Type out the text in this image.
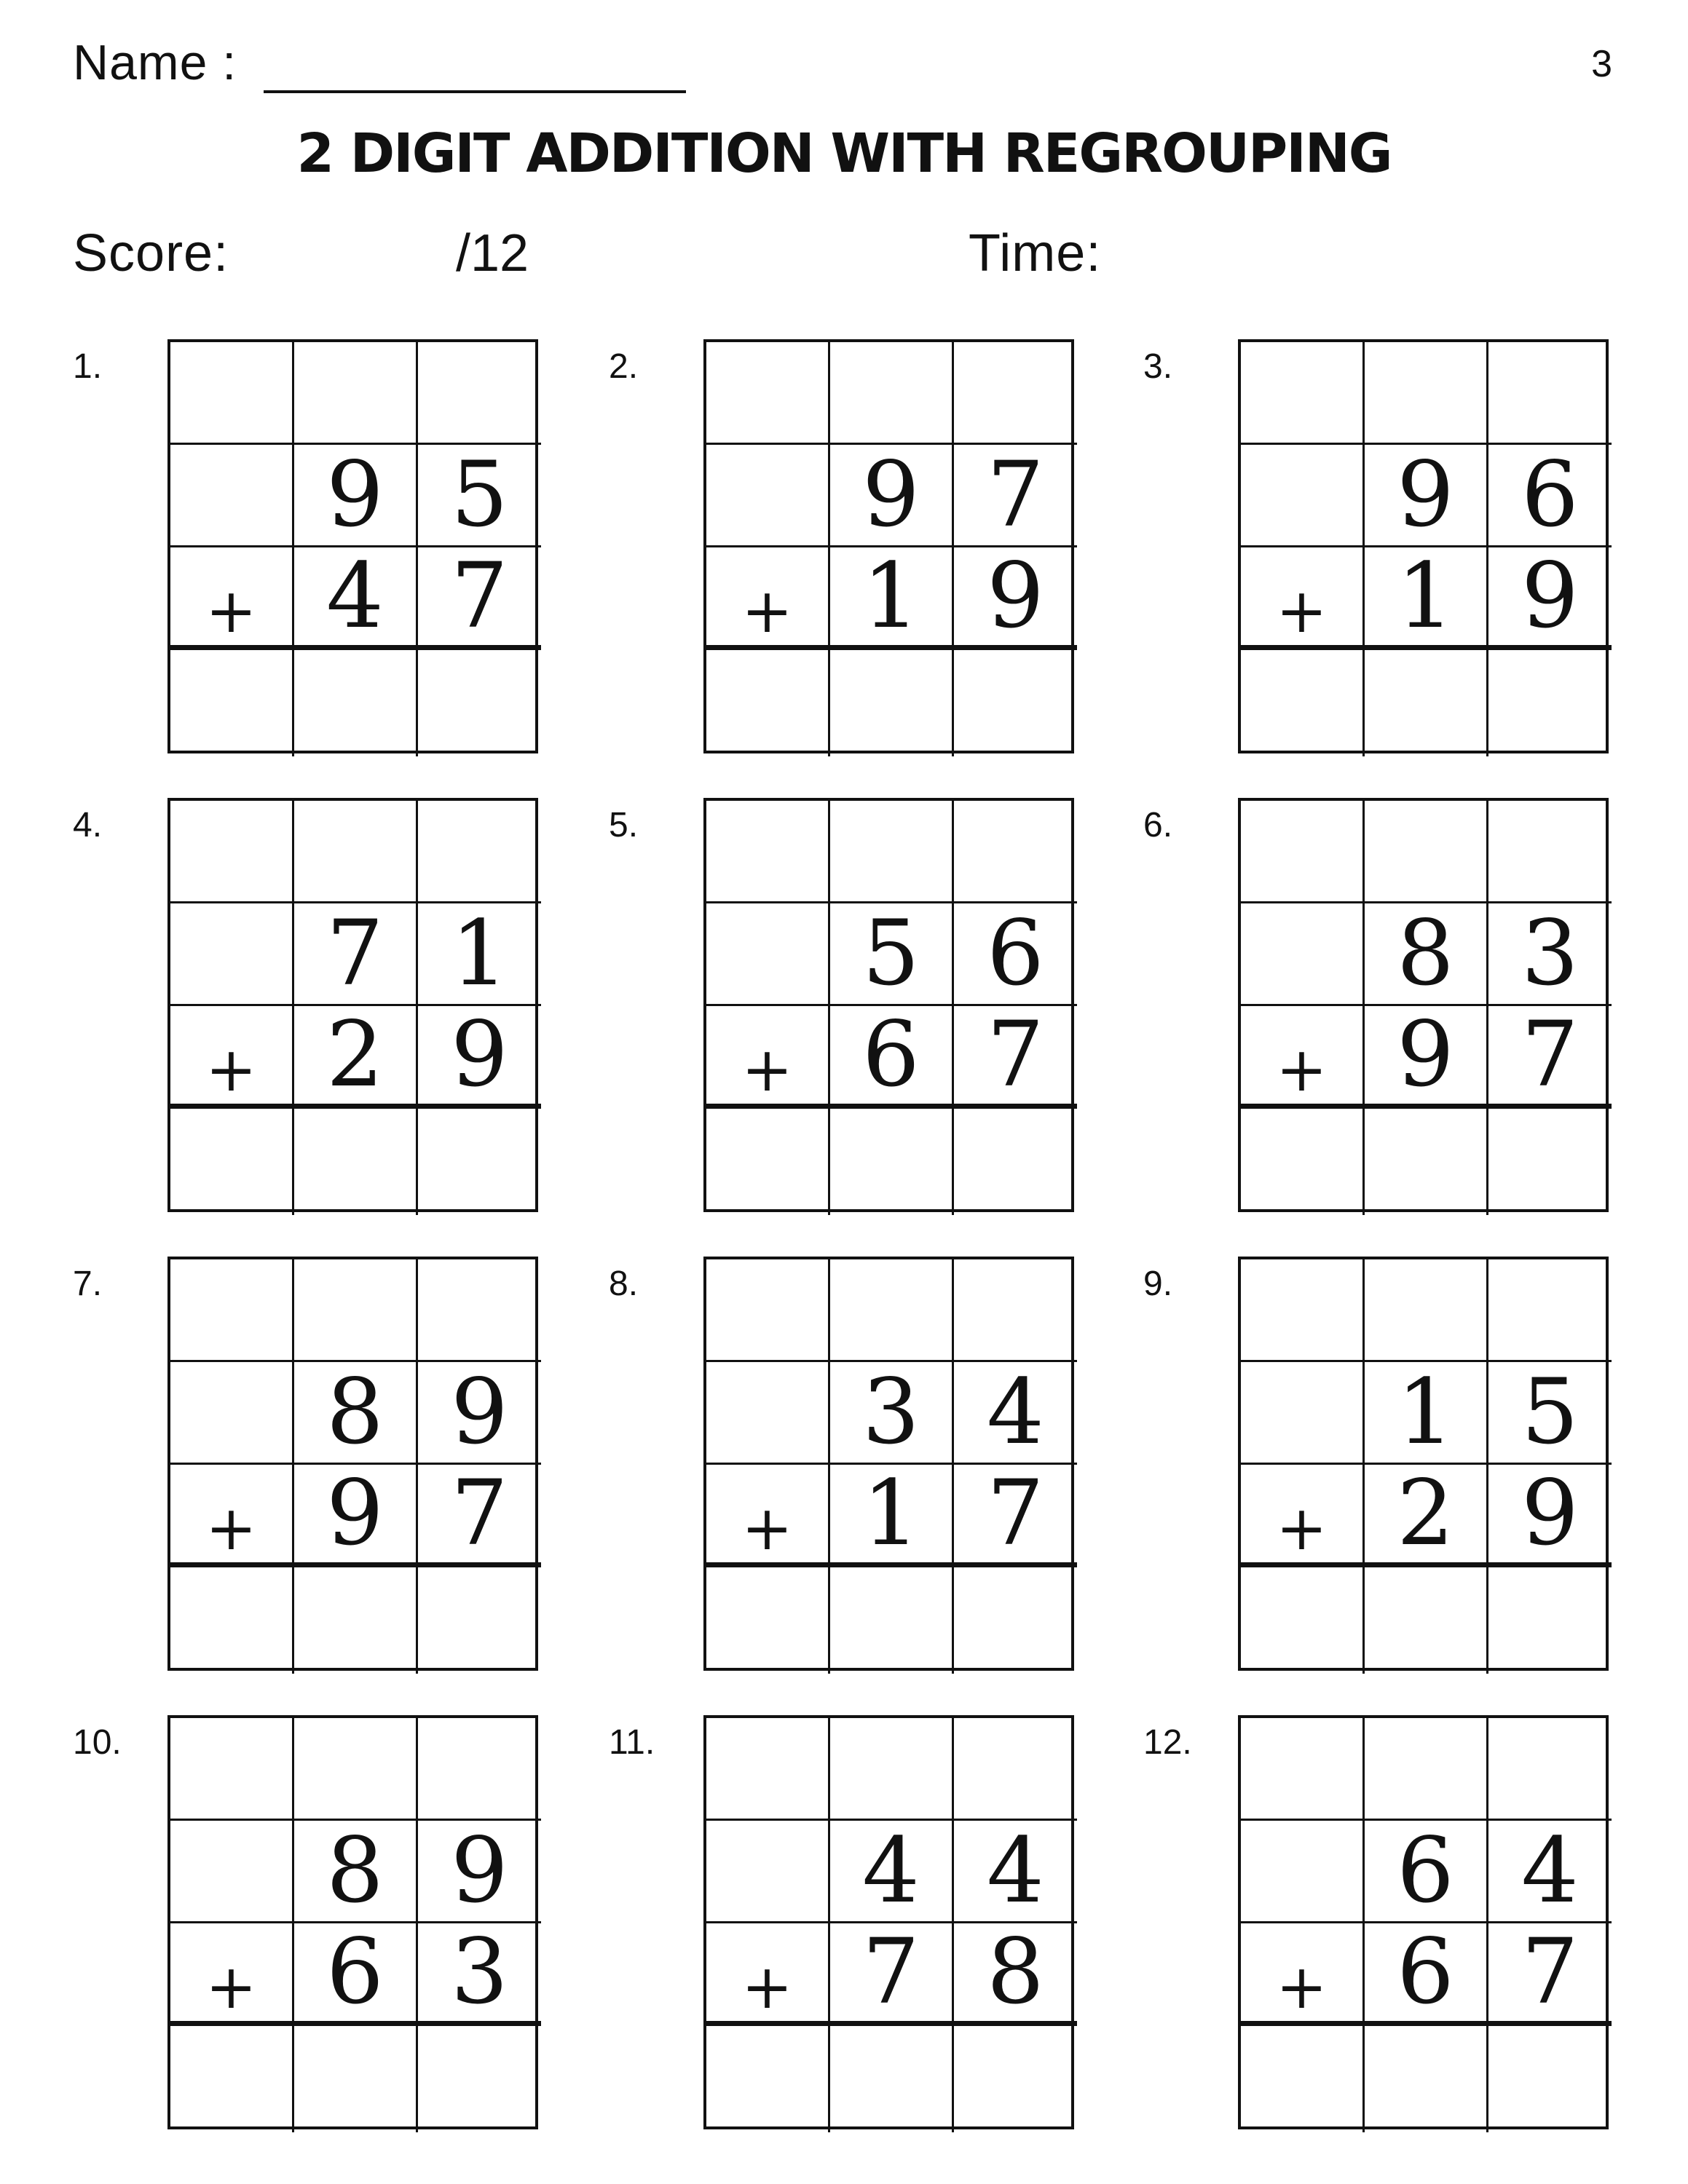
Name :	3
2 DIGIT ADDITION WITH REGROUPING
Score:	/12	Time:
1.
9 5
+ 4 7
2.
9 7
+ 1 9
3.
9 6
+ 1 9
4.
7 1
+ 2 9
5.
5 6
+ 6 7
6.
8 3
+ 9 7
7.
8 9
+ 9 7
8.
3 4
+ 1 7
9.
1 5
+ 2 9
10.
8 9
+ 6 3
11.
4 4
+ 7 8
12.
6 4
+ 6 7
